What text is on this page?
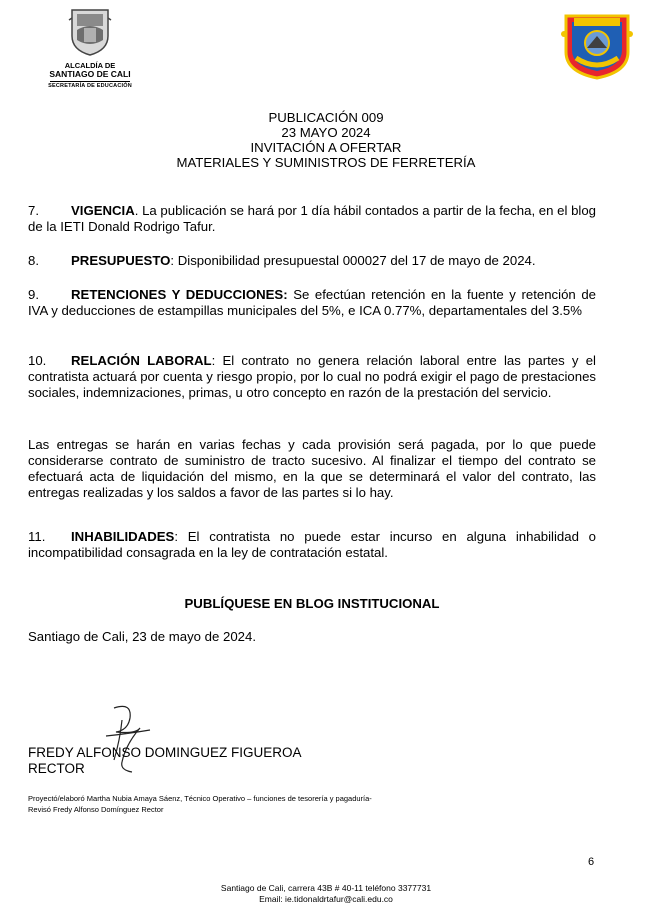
ALCALDÍA DE
SANTIAGO DE CALI
SECRETARÍA DE EDUCACIÓN
PUBLICACIÓN 009
23 MAYO 2024
INVITACIÓN A OFERTAR
MATERIALES Y SUMINISTROS DE FERRETERÍA
7. VIGENCIA. La publicación se hará por 1 día hábil contados a partir de la fecha, en el blog de la IETI Donald Rodrigo Tafur.
8. PRESUPUESTO: Disponibilidad presupuestal 000027 del 17 de mayo de 2024.
9. RETENCIONES Y DEDUCCIONES: Se efectúan retención en la fuente y retención de IVA y deducciones de estampillas municipales del 5%, e ICA 0.77%, departamentales del 3.5%
10. RELACIÓN LABORAL: El contrato no genera relación laboral entre las partes y el contratista actuará por cuenta y riesgo propio, por lo cual no podrá exigir el pago de prestaciones sociales, indemnizaciones, primas, u otro concepto en razón de la prestación del servicio.
Las entregas se harán en varias fechas y cada provisión será pagada, por lo que puede considerarse contrato de suministro de tracto sucesivo. Al finalizar el tiempo del contrato se efectuará acta de liquidación del mismo, en la que se determinará el valor del contrato, las entregas realizadas y los saldos a favor de las partes si lo hay.
11. INHABILIDADES: El contratista no puede estar incurso en alguna inhabilidad o incompatibilidad consagrada en la ley de contratación estatal.
PUBLÍQUESE EN BLOG INSTITUCIONAL
Santiago de Cali, 23 de mayo de 2024.
FREDY ALFONSO DOMINGUEZ FIGUEROA
RECTOR
Proyectó/elaboró Martha Nubia Amaya Sáenz, Técnico Operativo – funciones de tesorería y pagaduría-
Revisó Fredy Alfonso Domínguez Rector
6
Santiago de Cali, carrera 43B # 40-11 teléfono 3377731
Email: ie.tidonaldrtafur@cali.edu.co
